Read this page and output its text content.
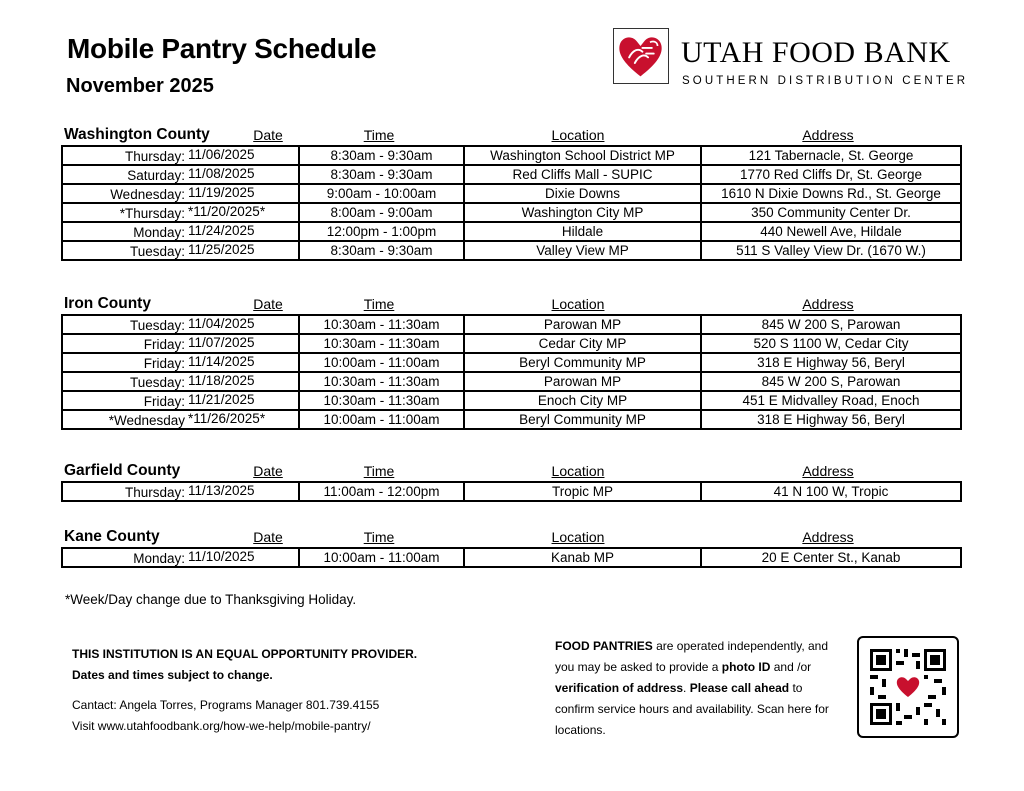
Mobile Pantry Schedule
November 2025
UTAH FOOD BANK
SOUTHERN DISTRIBUTION CENTER
Washington County	Date	Time	Location	Address
Thursday: 11/06/2025	8:30am - 9:30am	Washington School District MP	121 Tabernacle, St. George

Saturday: 11/08/2025	8:30am - 9:30am	Red Cliffs Mall - SUPIC	1770 Red Cliffs Dr, St. George

Wednesday: 11/19/2025	9:00am - 10:00am	Dixie Downs	1610 N Dixie Downs Rd., St. George

*Thursday: *11/20/2025*	8:00am - 9:00am	Washington City MP	350 Community Center Dr.

Monday: 11/24/2025	12:00pm - 1:00pm	Hildale	440 Newell Ave, Hildale

Tuesday: 11/25/2025	8:30am - 9:30am	Valley View MP	511 S Valley View Dr. (1670 W.)
Iron County	Date	Time	Location	Address
Tuesday: 11/04/2025	10:30am - 11:30am	Parowan MP	845 W 200 S, Parowan

Friday: 11/07/2025	10:30am - 11:30am	Cedar City MP	520 S 1100 W, Cedar City

Friday: 11/14/2025	10:00am - 11:00am	Beryl Community MP	318 E Highway 56, Beryl

Tuesday: 11/18/2025	10:30am - 11:30am	Parowan MP	845 W 200 S, Parowan

Friday: 11/21/2025	10:30am - 11:30am	Enoch City MP	451 E Midvalley Road, Enoch

*Wednesday *11/26/2025*	10:00am - 11:00am	Beryl Community MP	318 E Highway 56, Beryl
Garfield County	Date	Time	Location	Address
Thursday: 11/13/2025	11:00am - 12:00pm	Tropic MP	41 N 100 W, Tropic
Kane County	Date	Time	Location	Address
Monday: 11/10/2025	10:00am - 11:00am	Kanab MP	20 E Center St., Kanab
*Week/Day change due to Thanksgiving Holiday.
THIS INSTITUTION IS AN EQUAL OPPORTUNITY PROVIDER.
Dates and times subject to change.
Cantact: Angela Torres, Programs Manager 801.739.4155
Visit www.utahfoodbank.org/how-we-help/mobile-pantry/
FOOD PANTRIES are operated independently, and you may be asked to provide a photo ID and /or verification of address. Please call ahead to confirm service hours and availability. Scan here for locations.
